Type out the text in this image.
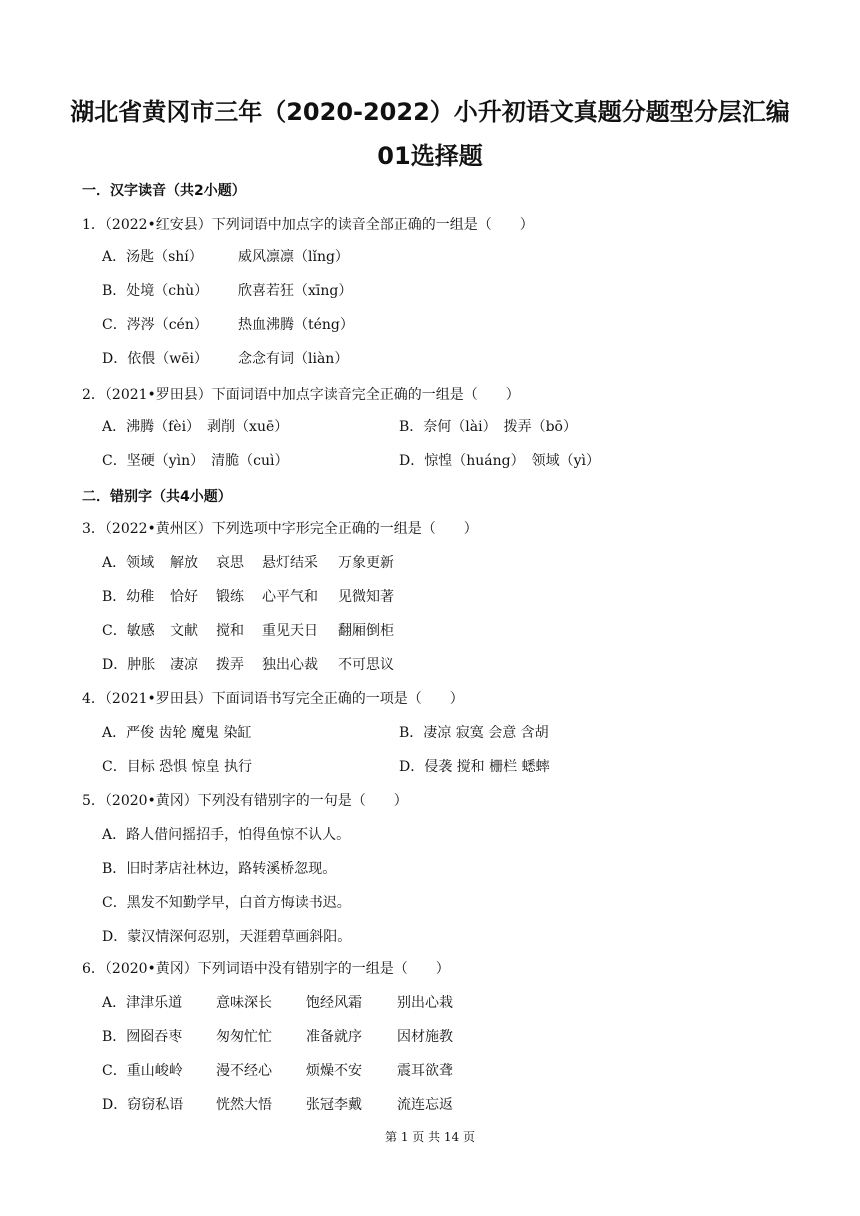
湖北省黄冈市三年（2020-2022）小升初语文真题分题型分层汇编
01选择题
一．汉字读音（共2小题）
1．（2022•红安县）下列词语中加点字的读音全部正确的一组是（　　）
A．汤匙（shí）	威风凛凛（lǐng）
B．处境（chù） 欣喜若狂（xīng）
C．涔涔（cén） 热血沸腾（téng）
D．依偎（wēi） 念念有词（liàn）
2．（2021•罗田县）下面词语中加点字读音完全正确的一组是（　　）
A．沸腾（fèi）　剥削（xuē）	B．奈何（lài）　拨弄（bō）
C．坚硬（yìn）　清脆（cuì）	D．惊惶（huáng）　领域（yì）
二．错别字（共4小题）
3．（2022•黄州区）下列选项中字形完全正确的一组是（　　）
A．领域 解放 哀思 悬灯结采 万象更新
B．幼稚 恰好 锻练 心平气和 见微知著
C．敏感 文献 搅和 重见天日 翻厢倒柜
D．肿胀 凄凉 拨弄 独出心裁 不可思议
4．（2021•罗田县）下面词语书写完全正确的一项是（　　）
A．严俊 齿轮 魔鬼 染缸	B．凄凉 寂寞 会意 含胡
C．目标 恐惧 惊皇 执行	D．侵袭 搅和 栅栏 蟋蟀
5．（2020•黄冈）下列没有错别字的一句是（　　）
A．路人借问摇招手，怕得鱼惊不认人。
B．旧时茅店社林边，路转溪桥忽现。
C．黑发不知勤学早，白首方悔读书迟。
D．蒙汉情深何忍别，天涯碧草画斜阳。
6．（2020•黄冈）下列词语中没有错别字的一组是（　　）
A．津津乐道 意味深长 饱经风霜	别出心栽
B．囫囵吞枣 匆匆忙忙 准备就序	因材施教
C．重山峻岭 漫不经心 烦燥不安	震耳欲聋
D．窃窃私语 恍然大悟 张冠李戴	流连忘返
第 1 页 共 14 页
